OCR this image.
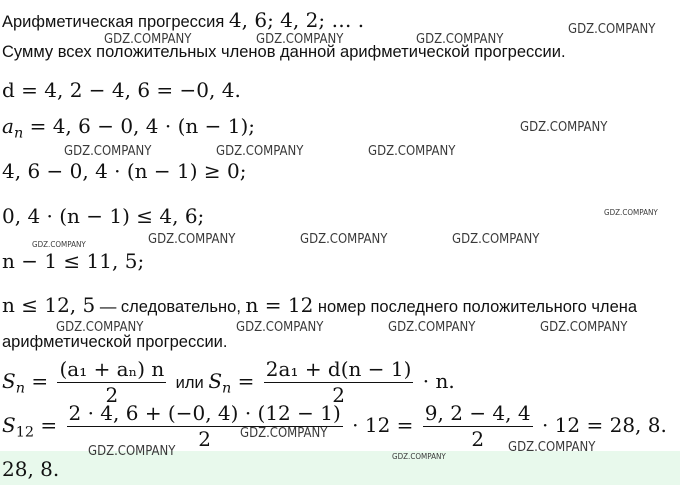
Арифметическая прогрессия 4, 6; 4, 2; … .
Сумму всех положительных членов данной арифметической прогрессии.
d = 4, 2 − 4, 6 = −0, 4.
$a_n = 4$, 6 − 0, 4 · (n − 1);
4, 6 − 0, 4 · (n − 1) ≥ 0;
0, 4 · (n − 1) ≤ 4, 6;
n − 1 ≤ 11, 5;
n ≤ 12, 5 — следовательно, n = 12 номер последнего положительного члена
арифметической прогрессии.
$S_n = \frac{\text{(a₁ + aₙ) n}}{2}$ или $S_n = \frac{\text{2a₁ + d(n − 1)}}{2} \cdot n$.
$S_{12} = \frac{2 \cdot 4, 6 + (-0, 4) \cdot (12 - 1)}{2} \cdot 12 = \frac{9, 2 - 4, 4}{2} \cdot 12 = 28$, 8.
28, 8.
GDZ.COMPANY
GDZ.COMPANY	GDZ.COMPANY	GDZ.COMPANY
GDZ.COMPANY
GDZ.COMPANY	GDZ.COMPANY	GDZ.COMPANY
GDZ.COMPANY
GDZ.COMPANY	GDZ.COMPANY	GDZ.COMPANY	GDZ.COMPANY
GDZ.COMPANY	GDZ.COMPANY	GDZ.COMPANY	GDZ.COMPANY
GDZ.COMPANY
GDZ.COMPANY	GDZ.COMPANY
GDZ.COMPANY
